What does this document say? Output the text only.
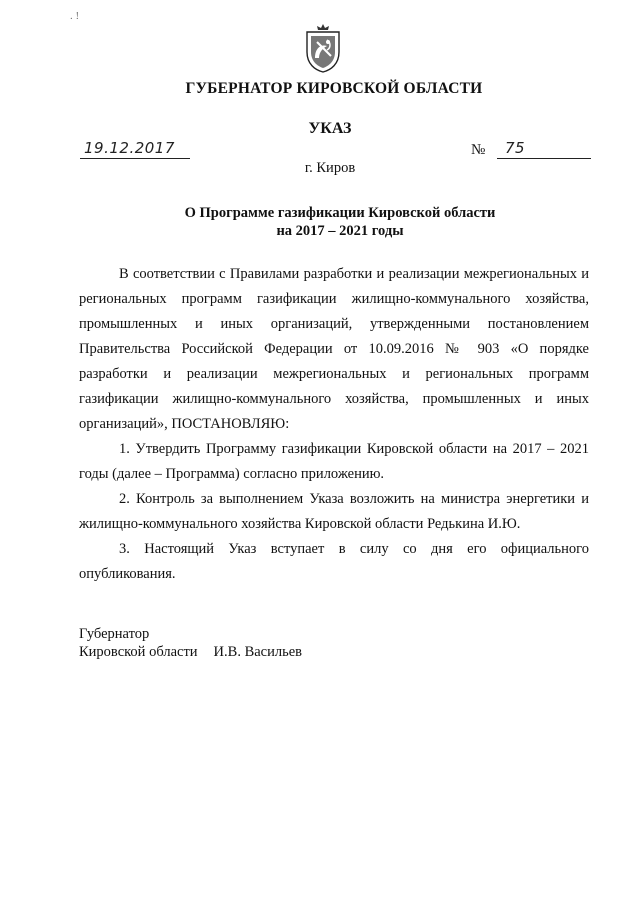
. !
ГУБЕРНАТОР КИРОВСКОЙ ОБЛАСТИ
УКАЗ
19.12.2017	№ 75
г. Киров
О Программе газификации Кировской области
на 2017 – 2021 годы

В соответствии с Правилами разработки и реализации межрегиональных и региональных программ газификации жилищно-коммунального хозяйства, промышленных и иных организаций, утвержденными постановлением Правительства Российской Федерации от 10.09.2016 № 903 «О порядке разработки и реализации межрегиональных и региональных программ газификации жилищно-коммунального хозяйства, промышленных и иных организаций», ПОСТАНОВЛЯЮ:

1. Утвердить Программу газификации Кировской области на 2017 – 2021 годы (далее – Программа) согласно приложению.

2. Контроль за выполнением Указа возложить на министра энергетики и жилищно-коммунального хозяйства Кировской области Редькина И.Ю.

3. Настоящий Указ вступает в силу со дня его официального опубликования.

Губернатор
Кировской области И.В. Васильев
